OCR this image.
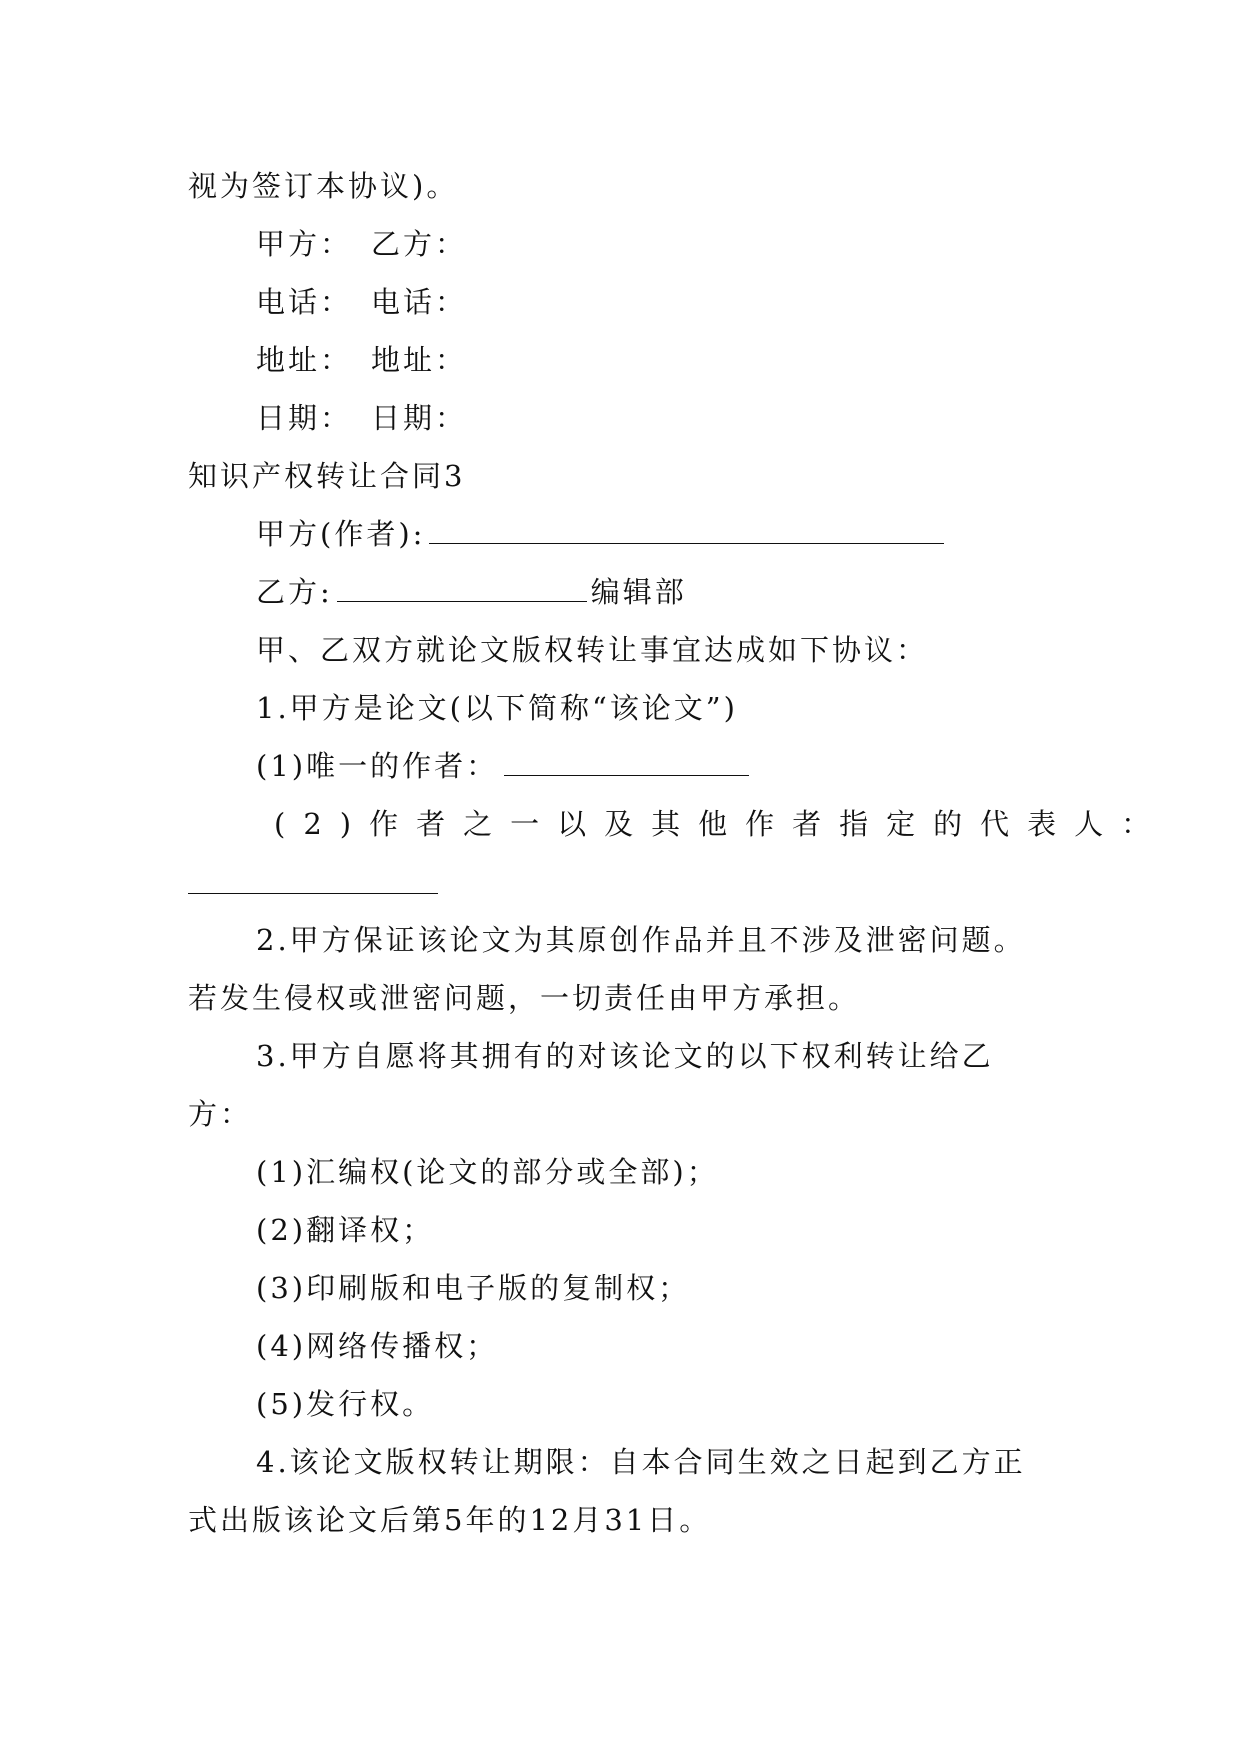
视为签订本协议)。
甲方： 乙方：
电话： 电话：
地址： 地址：
日期： 日期：
知识产权转让合同3
甲方(作者):
乙方:	编辑部
甲、乙双方就论文版权转让事宜达成如下协议：
1.甲方是论文(以下简称“该论文”)
(1)唯一的作者：
(2)作者之一以及其他作者指定的代表人：
2.甲方保证该论文为其原创作品并且不涉及泄密问题。
若发生侵权或泄密问题，一切责任由甲方承担。
3.甲方自愿将其拥有的对该论文的以下权利转让给乙
方：
(1)汇编权(论文的部分或全部)；
(2)翻译权；
(3)印刷版和电子版的复制权；
(4)网络传播权；
(5)发行权。
4.该论文版权转让期限：自本合同生效之日起到乙方正
式出版该论文后第5年的12月31日。
